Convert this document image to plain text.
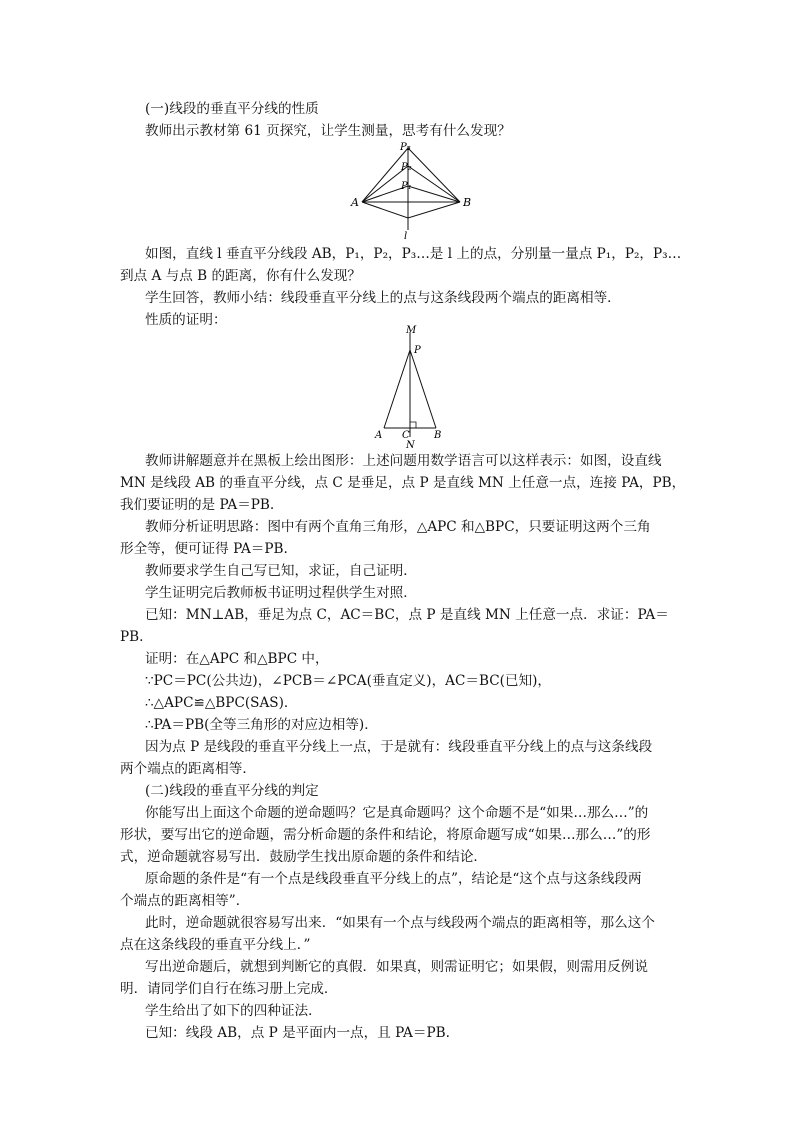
(一)线段的垂直平分线的性质
教师出示教材第 61 页探究，让学生测量，思考有什么发现？
P₃
P₂
P₁
A	B
l
如图，直线 l 垂直平分线段 AB，P₁，P₂，P₃…是 l 上的点，分别量一量点 P₁，P₂，P₃…
到点 A 与点 B 的距离，你有什么发现？
学生回答，教师小结：线段垂直平分线上的点与这条线段两个端点的距离相等．
性质的证明：
M
P
A C B
N
教师讲解题意并在黑板上绘出图形：上述问题用数学语言可以这样表示：如图，设直线
MN 是线段 AB 的垂直平分线，点 C 是垂足，点 P 是直线 MN 上任意一点，连接 PA，PB，
我们要证明的是 PA＝PB.
教师分析证明思路：图中有两个直角三角形，△APC 和△BPC，只要证明这两个三角
形全等，便可证得 PA＝PB.
教师要求学生自己写已知，求证，自己证明．
学生证明完后教师板书证明过程供学生对照．
已知：MN⊥AB，垂足为点 C，AC＝BC，点 P 是直线 MN 上任意一点．求证：PA＝
PB.
证明：在△APC 和△BPC 中，
∵PC＝PC(公共边)，∠PCB＝∠PCA(垂直定义)，AC＝BC(已知)，
∴△APC≌△BPC(SAS)．
∴PA＝PB(全等三角形的对应边相等)．
因为点 P 是线段的垂直平分线上一点，于是就有：线段垂直平分线上的点与这条线段
两个端点的距离相等．
(二)线段的垂直平分线的判定
你能写出上面这个命题的逆命题吗？它是真命题吗？这个命题不是“如果…那么…”的
形状，要写出它的逆命题，需分析命题的条件和结论，将原命题写成“如果…那么…”的形
式，逆命题就容易写出．鼓励学生找出原命题的条件和结论．
原命题的条件是“有一个点是线段垂直平分线上的点”，结论是“这个点与这条线段两
个端点的距离相等”．
此时，逆命题就很容易写出来．“如果有一个点与线段两个端点的距离相等，那么这个
点在这条线段的垂直平分线上．”
写出逆命题后，就想到判断它的真假．如果真，则需证明它；如果假，则需用反例说
明．请同学们自行在练习册上完成．
学生给出了如下的四种证法．
已知：线段 AB，点 P 是平面内一点，且 PA＝PB.
